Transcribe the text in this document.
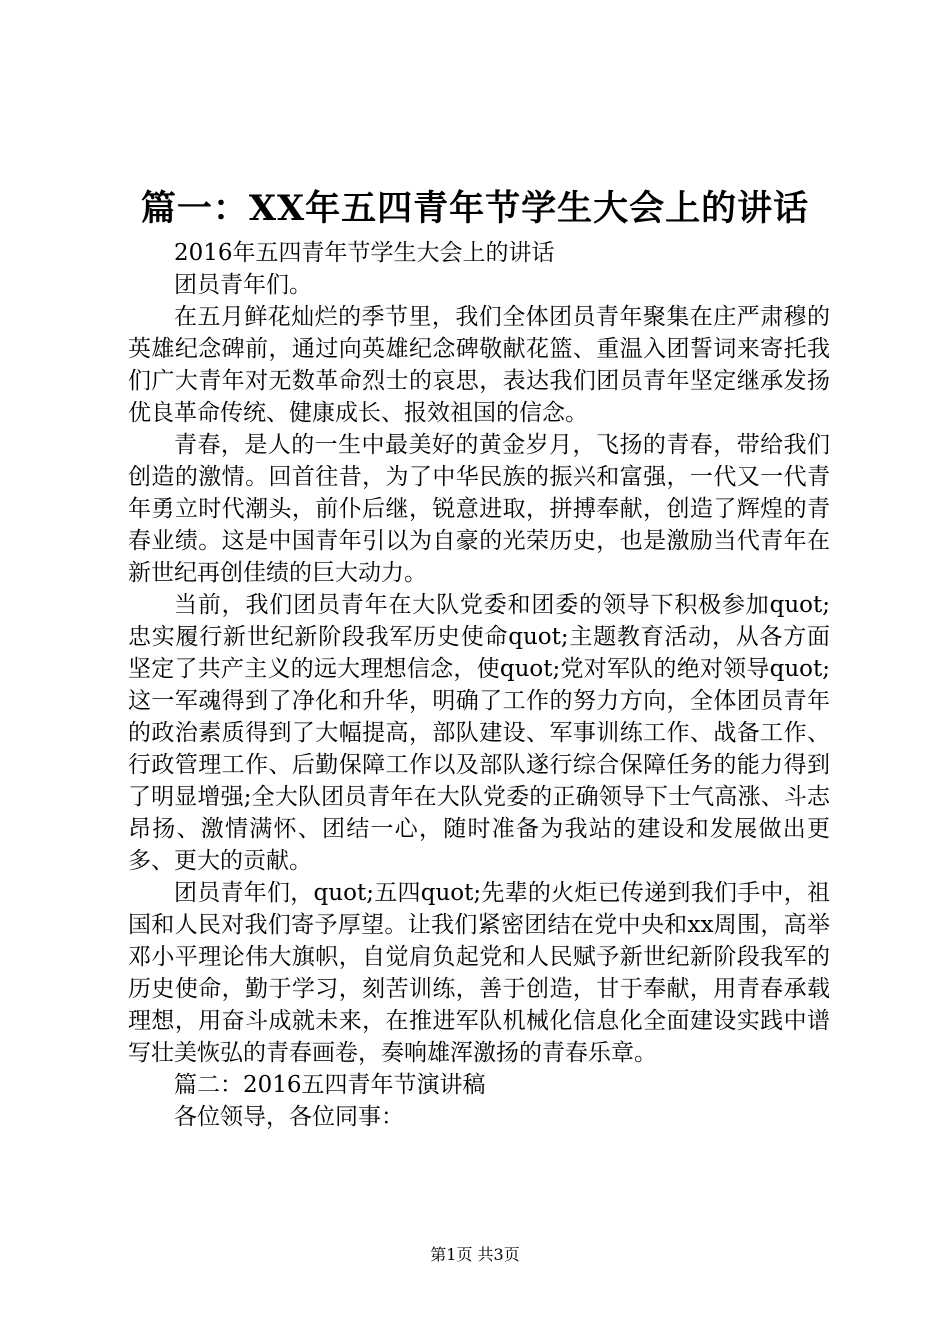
篇一：XX年五四青年节学生大会上的讲话

2016年五四青年节学生大会上的讲话

团员青年们。

在五月鲜花灿烂的季节里，我们全体团员青年聚集在庄严肃穆的英雄纪念碑前，通过向英雄纪念碑敬献花篮、重温入团誓词来寄托我们广大青年对无数革命烈士的哀思，表达我们团员青年坚定继承发扬优良革命传统、健康成长、报效祖国的信念。

青春，是人的一生中最美好的黄金岁月，飞扬的青春，带给我们创造的激情。回首往昔，为了中华民族的振兴和富强，一代又一代青年勇立时代潮头，前仆后继，锐意进取，拼搏奉献，创造了辉煌的青春业绩。这是中国青年引以为自豪的光荣历史，也是激励当代青年在新世纪再创佳绩的巨大动力。

当前，我们团员青年在大队党委和团委的领导下积极参加quot;忠实履行新世纪新阶段我军历史使命quot;主题教育活动，从各方面坚定了共产主义的远大理想信念，使quot;党对军队的绝对领导quot;这一军魂得到了净化和升华，明确了工作的努力方向，全体团员青年的政治素质得到了大幅提高，部队建设、军事训练工作、战备工作、行政管理工作、后勤保障工作以及部队遂行综合保障任务的能力得到了明显增强;全大队团员青年在大队党委的正确领导下士气高涨、斗志昂扬、激情满怀、团结一心，随时准备为我站的建设和发展做出更多、更大的贡献。

团员青年们，quot;五四quot;先辈的火炬已传递到我们手中，祖国和人民对我们寄予厚望。让我们紧密团结在党中央和xx周围，高举邓小平理论伟大旗帜，自觉肩负起党和人民赋予新世纪新阶段我军的历史使命，勤于学习，刻苦训练，善于创造，甘于奉献，用青春承载理想，用奋斗成就未来，在推进军队机械化信息化全面建设实践中谱写壮美恢弘的青春画卷，奏响雄浑激扬的青春乐章。

篇二：2016五四青年节演讲稿

各位领导，各位同事：

第1页 共3页
